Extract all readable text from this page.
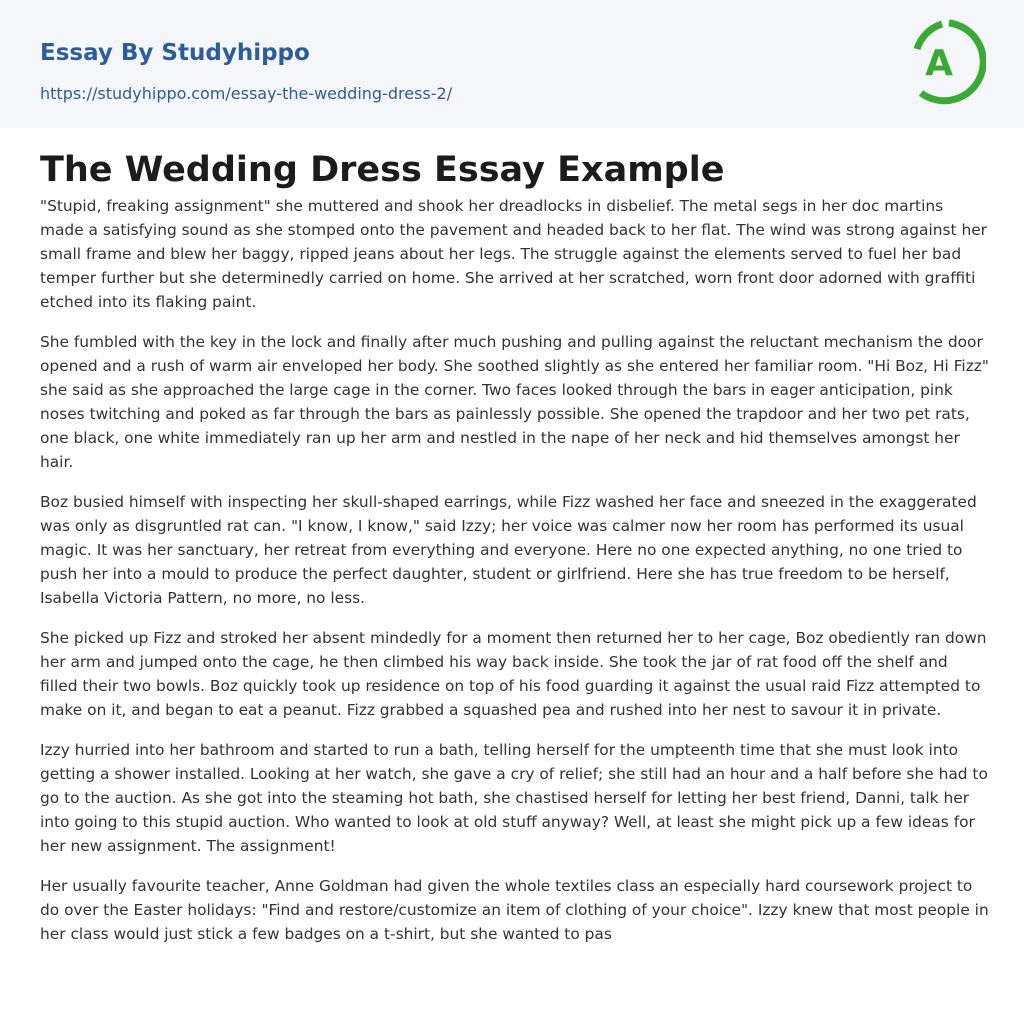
Essay By Studyhippo
https://studyhippo.com/essay-the-wedding-dress-2/
A
The Wedding Dress Essay Example

"Stupid, freaking assignment" she muttered and shook her dreadlocks in disbelief. The metal segs in her doc martins made a satisfying sound as she stomped onto the pavement and headed back to her flat. The wind was strong against her small frame and blew her baggy, ripped jeans about her legs. The struggle against the elements served to fuel her bad temper further but she determinedly carried on home. She arrived at her scratched, worn front door adorned with graffiti etched into its flaking paint.

She fumbled with the key in the lock and finally after much pushing and pulling against the reluctant mechanism the door opened and a rush of warm air enveloped her body. She soothed slightly as she entered her familiar room. "Hi Boz, Hi Fizz" she said as she approached the large cage in the corner. Two faces looked through the bars in eager anticipation, pink noses twitching and poked as far through the bars as painlessly possible. She opened the trapdoor and her two pet rats, one black, one white immediately ran up her arm and nestled in the nape of her neck and hid themselves amongst her hair.

Boz busied himself with inspecting her skull-shaped earrings, while Fizz washed her face and sneezed in the exaggerated was only as disgruntled rat can. "I know, I know," said Izzy; her voice was calmer now her room has performed its usual magic. It was her sanctuary, her retreat from everything and everyone. Here no one expected anything, no one tried to push her into a mould to produce the perfect daughter, student or girlfriend. Here she has true freedom to be herself, Isabella Victoria Pattern, no more, no less.

She picked up Fizz and stroked her absent mindedly for a moment then returned her to her cage, Boz obediently ran down her arm and jumped onto the cage, he then climbed his way back inside. She took the jar of rat food off the shelf and filled their two bowls. Boz quickly took up residence on top of his food guarding it against the usual raid Fizz attempted to make on it, and began to eat a peanut. Fizz grabbed a squashed pea and rushed into her nest to savour it in private.

Izzy hurried into her bathroom and started to run a bath, telling herself for the umpteenth time that she must look into getting a shower installed. Looking at her watch, she gave a cry of relief; she still had an hour and a half before she had to go to the auction. As she got into the steaming hot bath, she chastised herself for letting her best friend, Danni, talk her into going to this stupid auction. Who wanted to look at old stuff anyway? Well, at least she might pick up a few ideas for her new assignment. The assignment!

Her usually favourite teacher, Anne Goldman had given the whole textiles class an especially hard coursework project to do over the Easter holidays: "Find and restore/customize an item of clothing of your choice". Izzy knew that most people in her class would just stick a few badges on a t-shirt, but she wanted to pas
